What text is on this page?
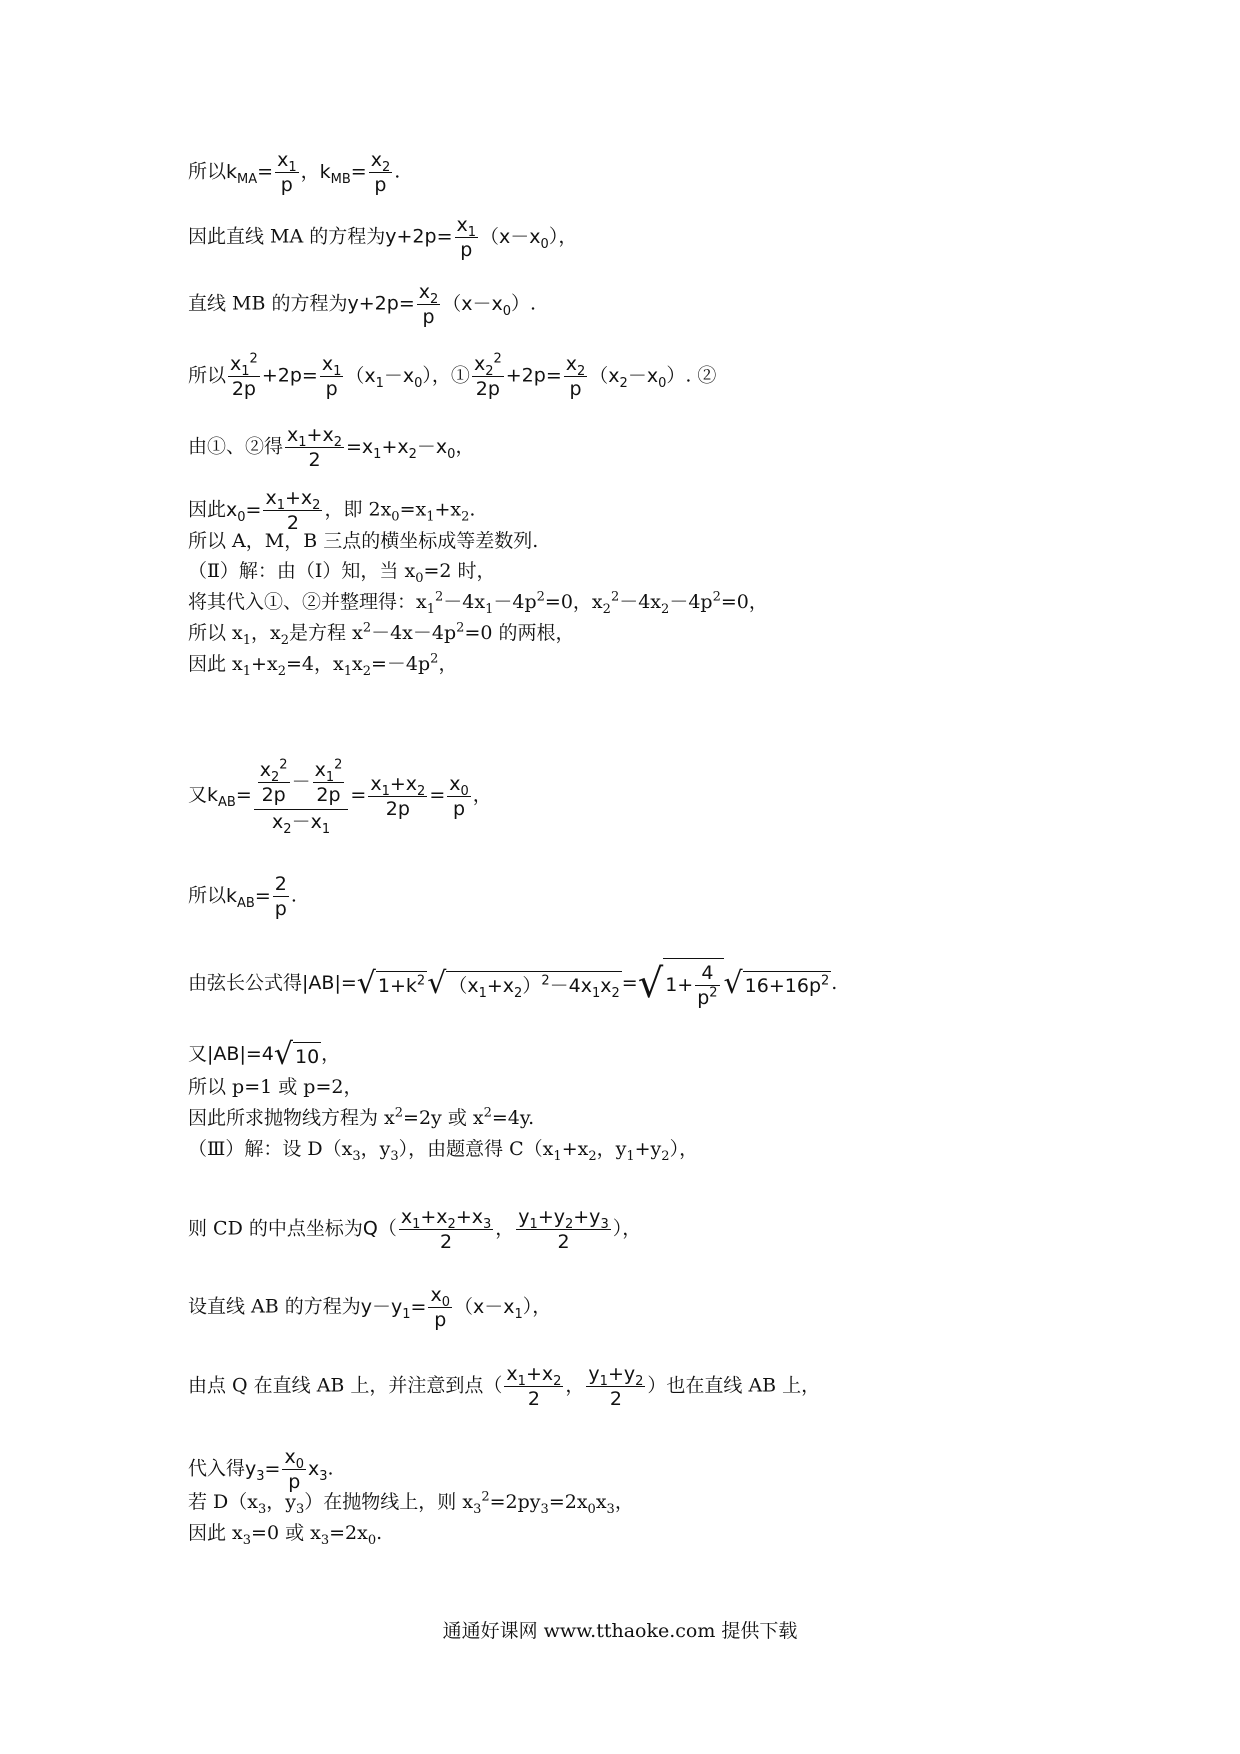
所以$k_{MA}= \frac{x_1}{p}$ ，$k_{MB}= \frac{x_2}{p}$ .
因此直线 MA 的方程为$y+2p= \frac{x_1}{p} (x-x_0)$，
直线 MB 的方程为$y+2p= \frac{x_2}{p} (x-x_0)$.
所以 $\frac{x_1^2}{2p} +2p= \frac{x_1}{p} (x_1-x_0)$，① $\frac{x_2^2}{2p} +2p= \frac{x_2}{p} (x_2-x_0)$. ②
由①、②得 $\frac{x_1+x_2}{2} =x_1+x_2-x_0$，
因此$x_0= \frac{x_1+x_2}{2}$ ，即 $2x_0=x_1+x_2$.
所以 A，M，B 三点的横坐标成等差数列.
（Ⅱ）解：由（Ⅰ）知，当 $x_0=2$ 时，
将其代入①、②并整理得：$x_1^2-4x_1-4p^2=0$，$x_2^2-4x_2-4p^2=0$，
所以 $x_1$，$x_2$是方程 $x^2-4x-4p^2=0$ 的两根，
因此 $x_1+x_2=4$，$x_1x_2=-4p^2$，
又$k_{AB}= \frac{\frac{x_2^2}{2p} - \frac{x_1^2}{2p}}{x_2-x_1} = \frac{x_1+x_2}{2p} = \frac{x_0}{p}$ ，
所以$k_{AB}= \frac{2}{p}$ .
由弦长公式得|AB|=√ $1+k^2√$ $(x_1+x_2)^2-4x_1x_2$ =√ $1+ \frac{4}{p^2}$ √ $16+16p^2$ .
又|AB|=4√ 10 ，
所以 p=1 或 p=2，
因此所求抛物线方程为 $x^2=2y$ 或 $x^2=4y$.
（Ⅲ）解：设 $D(x_3$，$y_3$），由题意得 $C(x_1+x_2$，$y_1+y_2$），
则 CD 的中点坐标为$Q( \frac{x_1+x_2+x_3}{2}$ ， $\frac{y_1+y_2+y_3}{2}$ ），
设直线 AB 的方程为$y-y_1= \frac{x_0}{p} (x-x_1)$，
由点 Q 在直线 AB 上，并注意到点（ $\frac{x_1+x_2}{2}$ ， $\frac{y_1+y_2}{2}$ ）也在直线 AB 上，
代入得$y_3= \frac{x_0}{p} x_3$.
若 $D(x_3$，$y_3$）在抛物线上，则 $x_3^2=2py_3=2x_0x_3$，
因此 $x_3=0$ 或 $x_3=2x_0$.
通通好课网 www.tthaoke.com 提供下载
